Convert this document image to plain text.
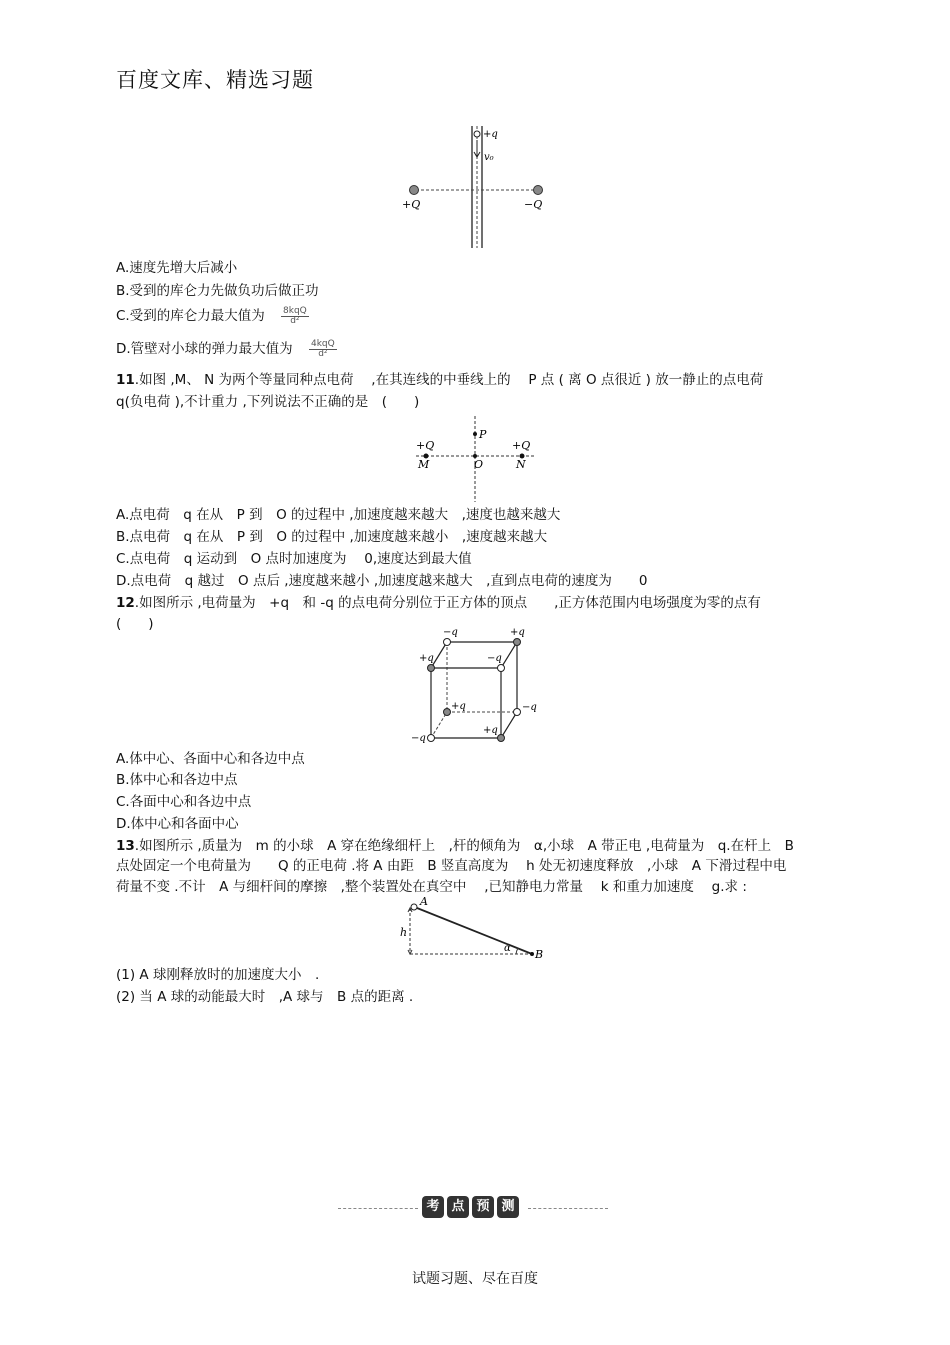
百度文库、精选习题
+q
v₀
+Q	−Q
A.速度先增大后减小
B.受到的库仑力先做负功后做正功
C.受到的库仑力最大值为 $\frac{\text{8kqQ}}{\text{d²}}$
D.管壁对小球的弹力最大值为 $\frac{\text{4kqQ}}{\text{d²}}$
11.如图 ,M、 N 为两个等量同种点电荷　 ,在其连线的中垂线上的　 P 点 ( 离 O 点很近 ) 放一静止的点电荷
q(负电荷 ),不计重力 ,下列说法不正确的是　(　　)
P
+Q	+Q
M	O	N
A.点电荷　q 在从　P 到　O 的过程中 ,加速度越来越大　,速度也越来越大
B.点电荷　q 在从　P 到　O 的过程中 ,加速度越来越小　,速度越来越大
C.点电荷　q 运动到　O 点时加速度为　 0,速度达到最大值
D.点电荷　q 越过　O 点后 ,速度越来越小 ,加速度越来越大　,直到点电荷的速度为　　0
12.如图所示 ,电荷量为　+q　和 -q 的点电荷分别位于正方体的顶点　　,正方体范围内电场强度为零的点有
(　　)
−q	+q
+q	−q
+q	−q
−q
+q
A.体中心、各面中心和各边中点
B.体中心和各边中点
C.各面中心和各边中点
D.体中心和各面中心
13.如图所示 ,质量为　m 的小球　A 穿在绝缘细杆上　,杆的倾角为　α,小球　A 带正电 ,电荷量为　q.在杆上　B
点处固定一个电荷量为　　Q 的正电荷 .将 A 由距　B 竖直高度为　 h 处无初速度释放　,小球　A 下滑过程中电
荷量不变 .不计　A 与细杆间的摩擦　,整个装置处在真空中　 ,已知静电力常量　 k 和重力加速度　 g.求 :
A
h
α B
(1) A 球刚释放时的加速度大小　.
(2) 当 A 球的动能最大时　,A 球与　B 点的距离 .
考 点 预 测
试题习题、尽在百度
